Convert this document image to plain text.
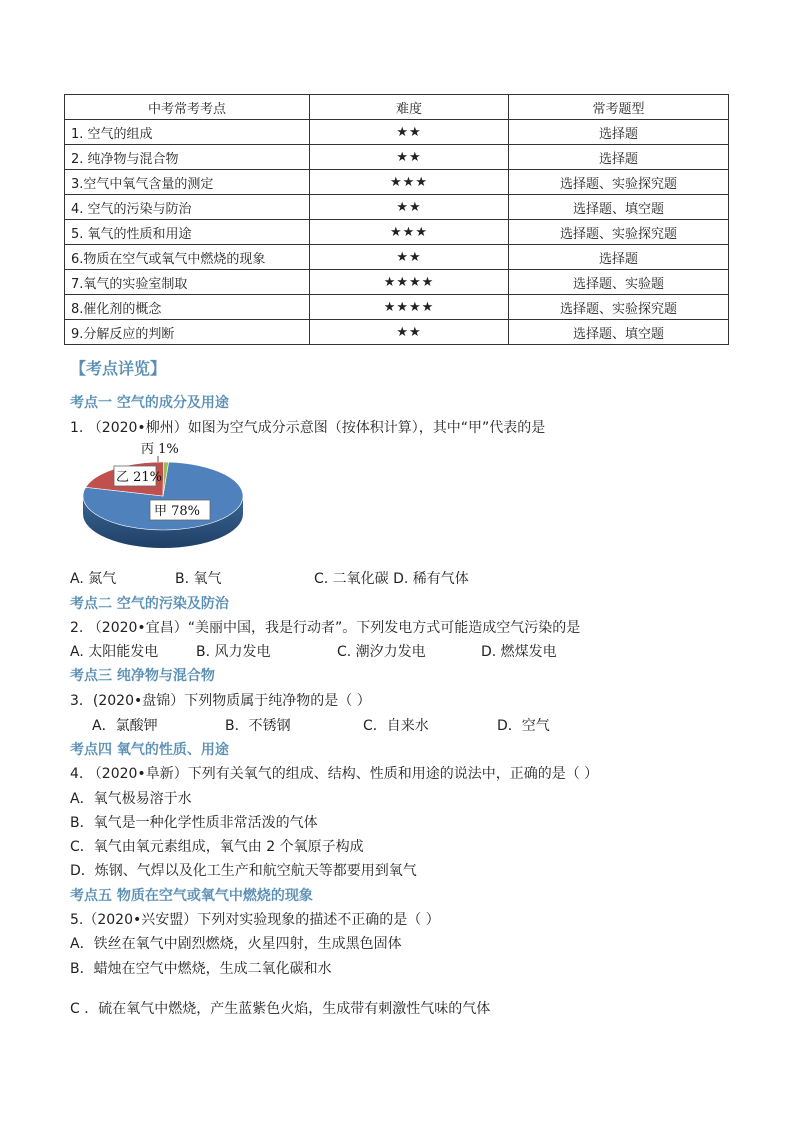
中考常考考点	难度	常考题型
1. 空气的组成	★★	选择题
2. 纯净物与混合物	★★	选择题
3.空气中氧气含量的测定	★★★	选择题、实验探究题
4. 空气的污染与防治	★★	选择题、填空题
5. 氧气的性质和用途	★★★	选择题、实验探究题
6.物质在空气或氧气中燃烧的现象	★★	选择题
7.氧气的实验室制取	★★★★	选择题、实验题
8.催化剂的概念	★★★★	选择题、实验探究题
9.分解反应的判断	★★	选择题、填空题
【考点详览】
考点一 空气的成分及用途
1. （2020•柳州）如图为空气成分示意图（按体积计算），其中“甲”代表的是
乙 21%
甲 78%
丙 1%
A. 氮气	B. 氧气	C. 二氧化碳 D. 稀有气体
考点二 空气的污染及防治
2. （2020•宜昌）“美丽中国，我是行动者”。下列发电方式可能造成空气污染的是
A. 太阳能发电	B. 风力发电	C. 潮汐力发电	D. 燃煤发电
考点三 纯净物与混合物
3．(2020•盘锦）下列物质属于纯净物的是（ ）
A．氯酸钾	B．不锈钢	C．自来水	D．空气
考点四 氧气的性质、用途
4. （2020•阜新）下列有关氧气的组成、结构、性质和用途的说法中，正确的是（ ）
A．氧气极易溶于水
B．氧气是一种化学性质非常活泼的气体
C．氧气由氧元素组成，氧气由 2 个氧原子构成
D．炼钢、气焊以及化工生产和航空航天等都要用到氧气
考点五 物质在空气或氧气中燃烧的现象
5.（2020•兴安盟）下列对实验现象的描述不正确的是（ ）
A．铁丝在氧气中剧烈燃烧，火星四射，生成黑色固体
B．蜡烛在空气中燃烧，生成二氧化碳和水
C ．硫在氧气中燃烧，产生蓝紫色火焰，生成带有刺激性气味的气体
